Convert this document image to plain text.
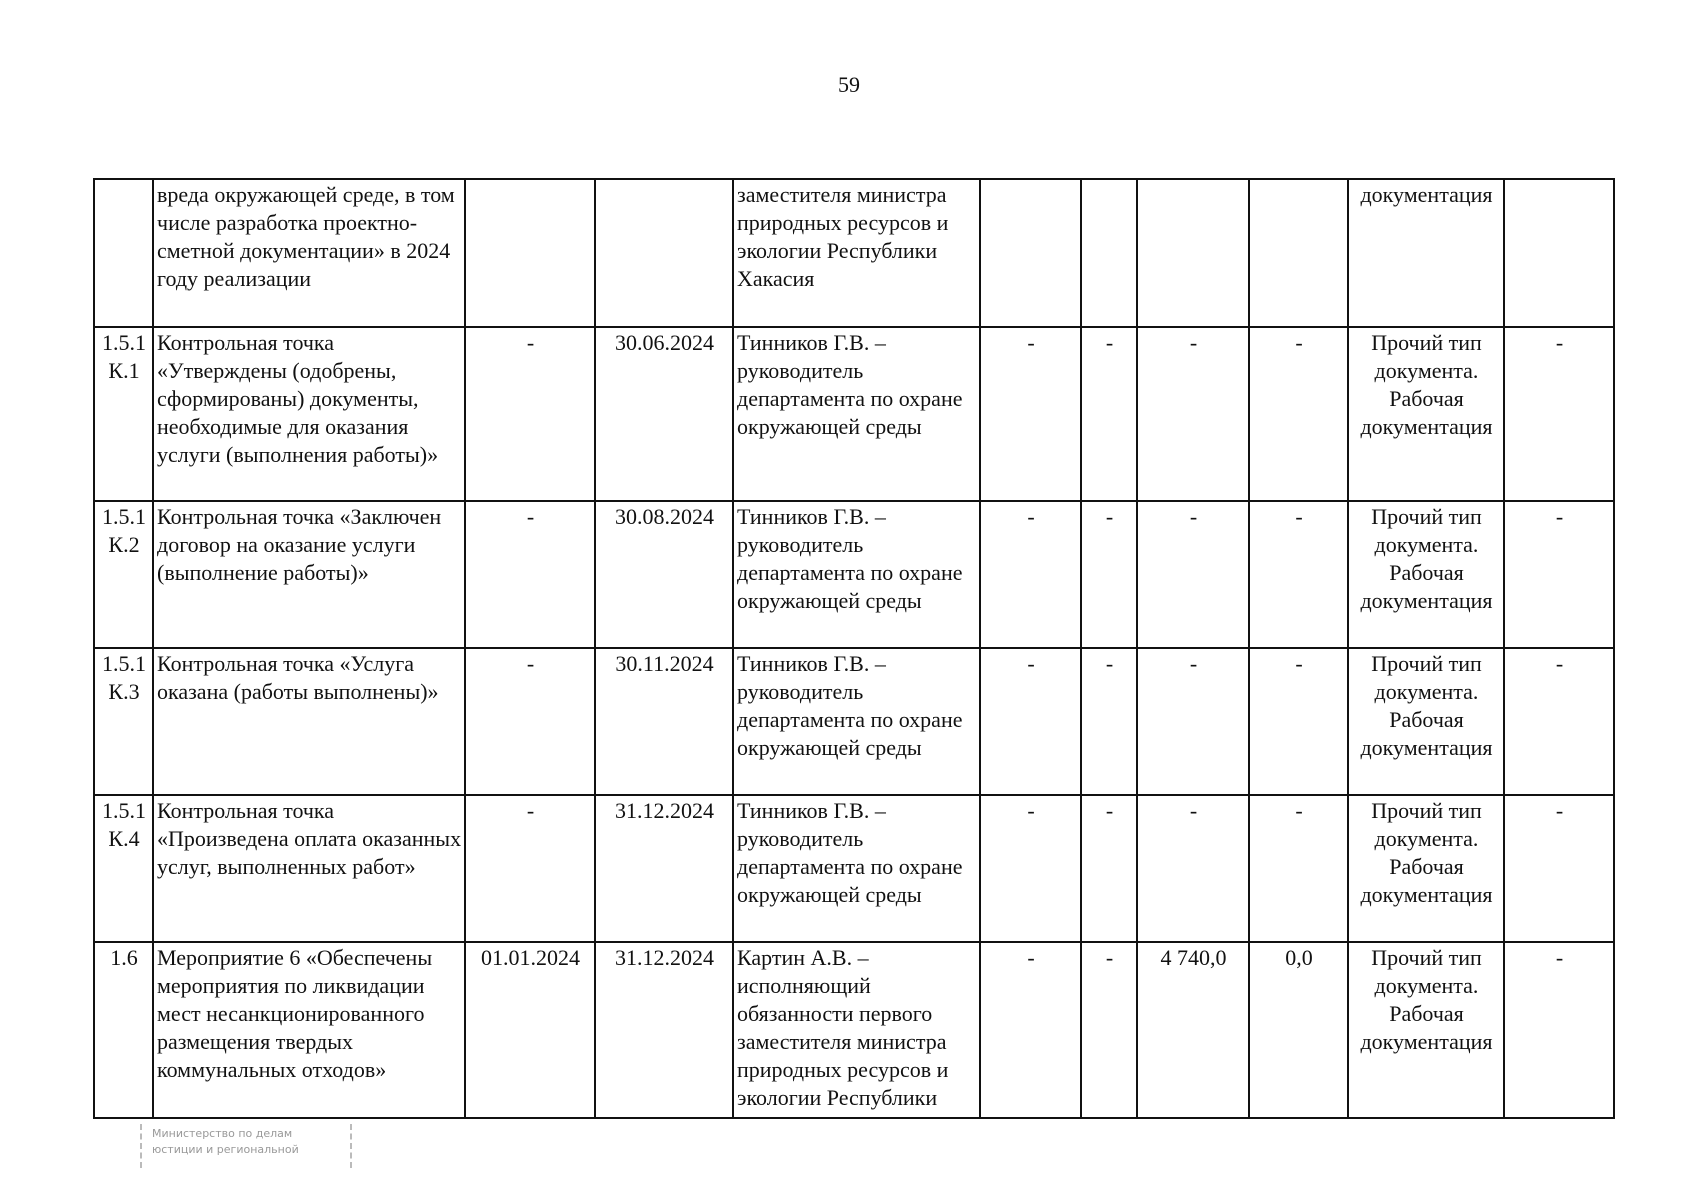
59
	вреда окружающей среде, в том числе разработка проектно-сметной документации» в 2024 году реализации			заместителя министра природных ресурсов и экологии Республики Хакасия					документация	
1.5.1 К.1	Контрольная точка «Утверждены (одобрены, сформированы) документы, необходимые для оказания услуги (выполнения работы)»	-	30.06.2024	Тинников Г.В. – руководитель департамента по охране окружающей среды	-	-	-	-	Прочий тип документа. Рабочая документация	-
1.5.1 К.2	Контрольная точка «Заключен договор на оказание услуги (выполнение работы)»	-	30.08.2024	Тинников Г.В. – руководитель департамента по охране окружающей среды	-	-	-	-	Прочий тип документа. Рабочая документация	-
1.5.1 К.3	Контрольная точка «Услуга оказана (работы выполнены)»	-	30.11.2024	Тинников Г.В. – руководитель департамента по охране окружающей среды	-	-	-	-	Прочий тип документа. Рабочая документация	-
1.5.1 К.4	Контрольная точка «Произведена оплата оказанных услуг, выполненных работ»	-	31.12.2024	Тинников Г.В. – руководитель департамента по охране окружающей среды	-	-	-	-	Прочий тип документа. Рабочая документация	-
1.6	Мероприятие 6 «Обеспечены мероприятия по ликвидации мест несанкционированного размещения твердых коммунальных отходов»	01.01.2024	31.12.2024	Картин А.В. – исполняющий обязанности первого заместителя министра природных ресурсов и экологии Республики	-	-	4 740,0	0,0	Прочий тип документа. Рабочая документация	-
Министерство по делам
юстиции и региональной
